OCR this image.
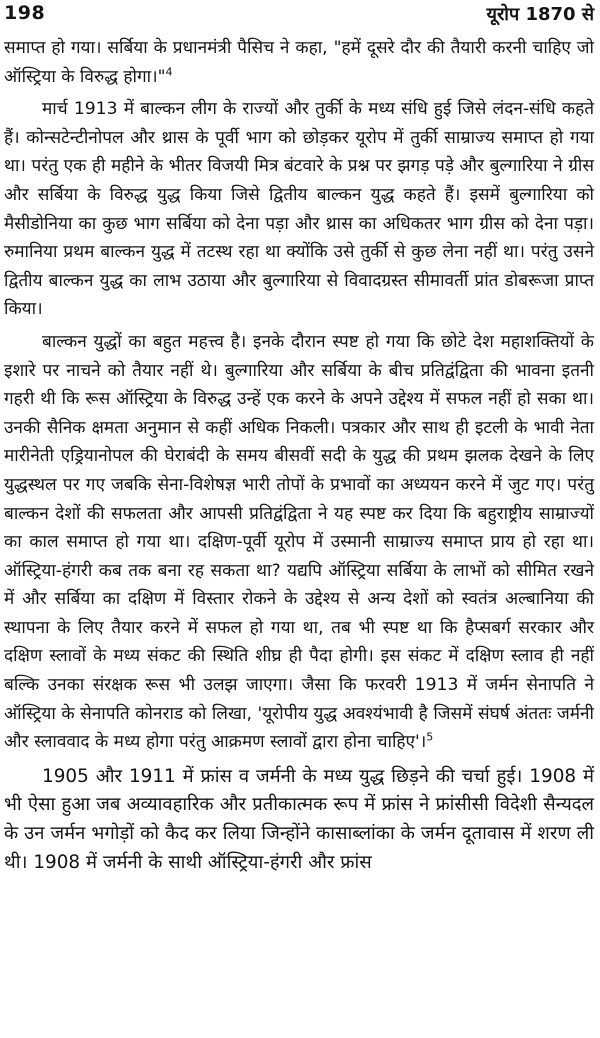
198	यूरोप 1870 से

समाप्त हो गया। सर्बिया के प्रधानमंत्री पैसिच ने कहा, "हमें दूसरे दौर की तैयारी करनी चाहिए जो ऑस्ट्रिया के विरुद्ध होगा।"$^4$

मार्च 1913 में बाल्कन लीग के राज्यों और तुर्की के मध्य संधि हुई जिसे लंदन-संधि कहते हैं। कोन्सटेन्टीनोपल और थ्रास के पूर्वी भाग को छोड़कर यूरोप में तुर्की साम्राज्य समाप्त हो गया था। परंतु एक ही महीने के भीतर विजयी मित्र बंटवारे के प्रश्न पर झगड़ पड़े और बुल्गारिया ने ग्रीस और सर्बिया के विरुद्ध युद्ध किया जिसे द्वितीय बाल्कन युद्ध कहते हैं। इसमें बुल्गारिया को मैसीडोनिया का कुछ भाग सर्बिया को देना पड़ा और थ्रास का अधिकतर भाग ग्रीस को देना पड़ा। रुमानिया प्रथम बाल्कन युद्ध में तटस्थ रहा था क्योंकि उसे तुर्की से कुछ लेना नहीं था। परंतु उसने द्वितीय बाल्कन युद्ध का लाभ उठाया और बुल्गारिया से विवादग्रस्त सीमावर्ती प्रांत डोबरूजा प्राप्त किया।

बाल्कन युद्धों का बहुत महत्त्व है। इनके दौरान स्पष्ट हो गया कि छोटे देश महाशक्तियों के इशारे पर नाचने को तैयार नहीं थे। बुल्गारिया और सर्बिया के बीच प्रतिद्वंद्विता की भावना इतनी गहरी थी कि रूस ऑस्ट्रिया के विरुद्ध उन्हें एक करने के अपने उद्देश्य में सफल नहीं हो सका था। उनकी सैनिक क्षमता अनुमान से कहीं अधिक निकली। पत्रकार और साथ ही इटली के भावी नेता मारीनेती एड्रियानोपल की घेराबंदी के समय बीसवीं सदी के युद्ध की प्रथम झलक देखने के लिए युद्धस्थल पर गए जबकि सेना-विशेषज्ञ भारी तोपों के प्रभावों का अध्ययन करने में जुट गए। परंतु बाल्कन देशों की सफलता और आपसी प्रतिद्वंद्विता ने यह स्पष्ट कर दिया कि बहुराष्ट्रीय साम्राज्यों का काल समाप्त हो गया था। दक्षिण-पूर्वी यूरोप में उस्मानी साम्राज्य समाप्त प्राय हो रहा था। ऑस्ट्रिया-हंगरी कब तक बना रह सकता था? यद्यपि ऑस्ट्रिया सर्बिया के लाभों को सीमित रखने में और सर्बिया का दक्षिण में विस्तार रोकने के उद्देश्य से अन्य देशों को स्वतंत्र अल्बानिया की स्थापना के लिए तैयार करने में सफल हो गया था, तब भी स्पष्ट था कि हैप्सबर्ग सरकार और दक्षिण स्लावों के मध्य संकट की स्थिति शीघ्र ही पैदा होगी। इस संकट में दक्षिण स्लाव ही नहीं बल्कि उनका संरक्षक रूस भी उलझ जाएगा। जैसा कि फरवरी 1913 में जर्मन सेनापति ने ऑस्ट्रिया के सेनापति कोनराड को लिखा, 'यूरोपीय युद्ध अवश्यंभावी है जिसमें संघर्ष अंततः जर्मनी और स्लाववाद के मध्य होगा परंतु आक्रमण स्लावों द्वारा होना चाहिए'।$^5$

1905 और 1911 में फ्रांस व जर्मनी के मध्य युद्ध छिड़ने की चर्चा हुई। 1908 में भी ऐसा हुआ जब अव्यावहारिक और प्रतीकात्मक रूप में फ्रांस ने फ्रांसीसी विदेशी सैन्यदल के उन जर्मन भगोड़ों को कैद कर लिया जिन्होंने कासाब्लांका के जर्मन दूतावास में शरण ली थी। 1908 में जर्मनी के साथी ऑस्ट्रिया-हंगरी और फ्रांस
